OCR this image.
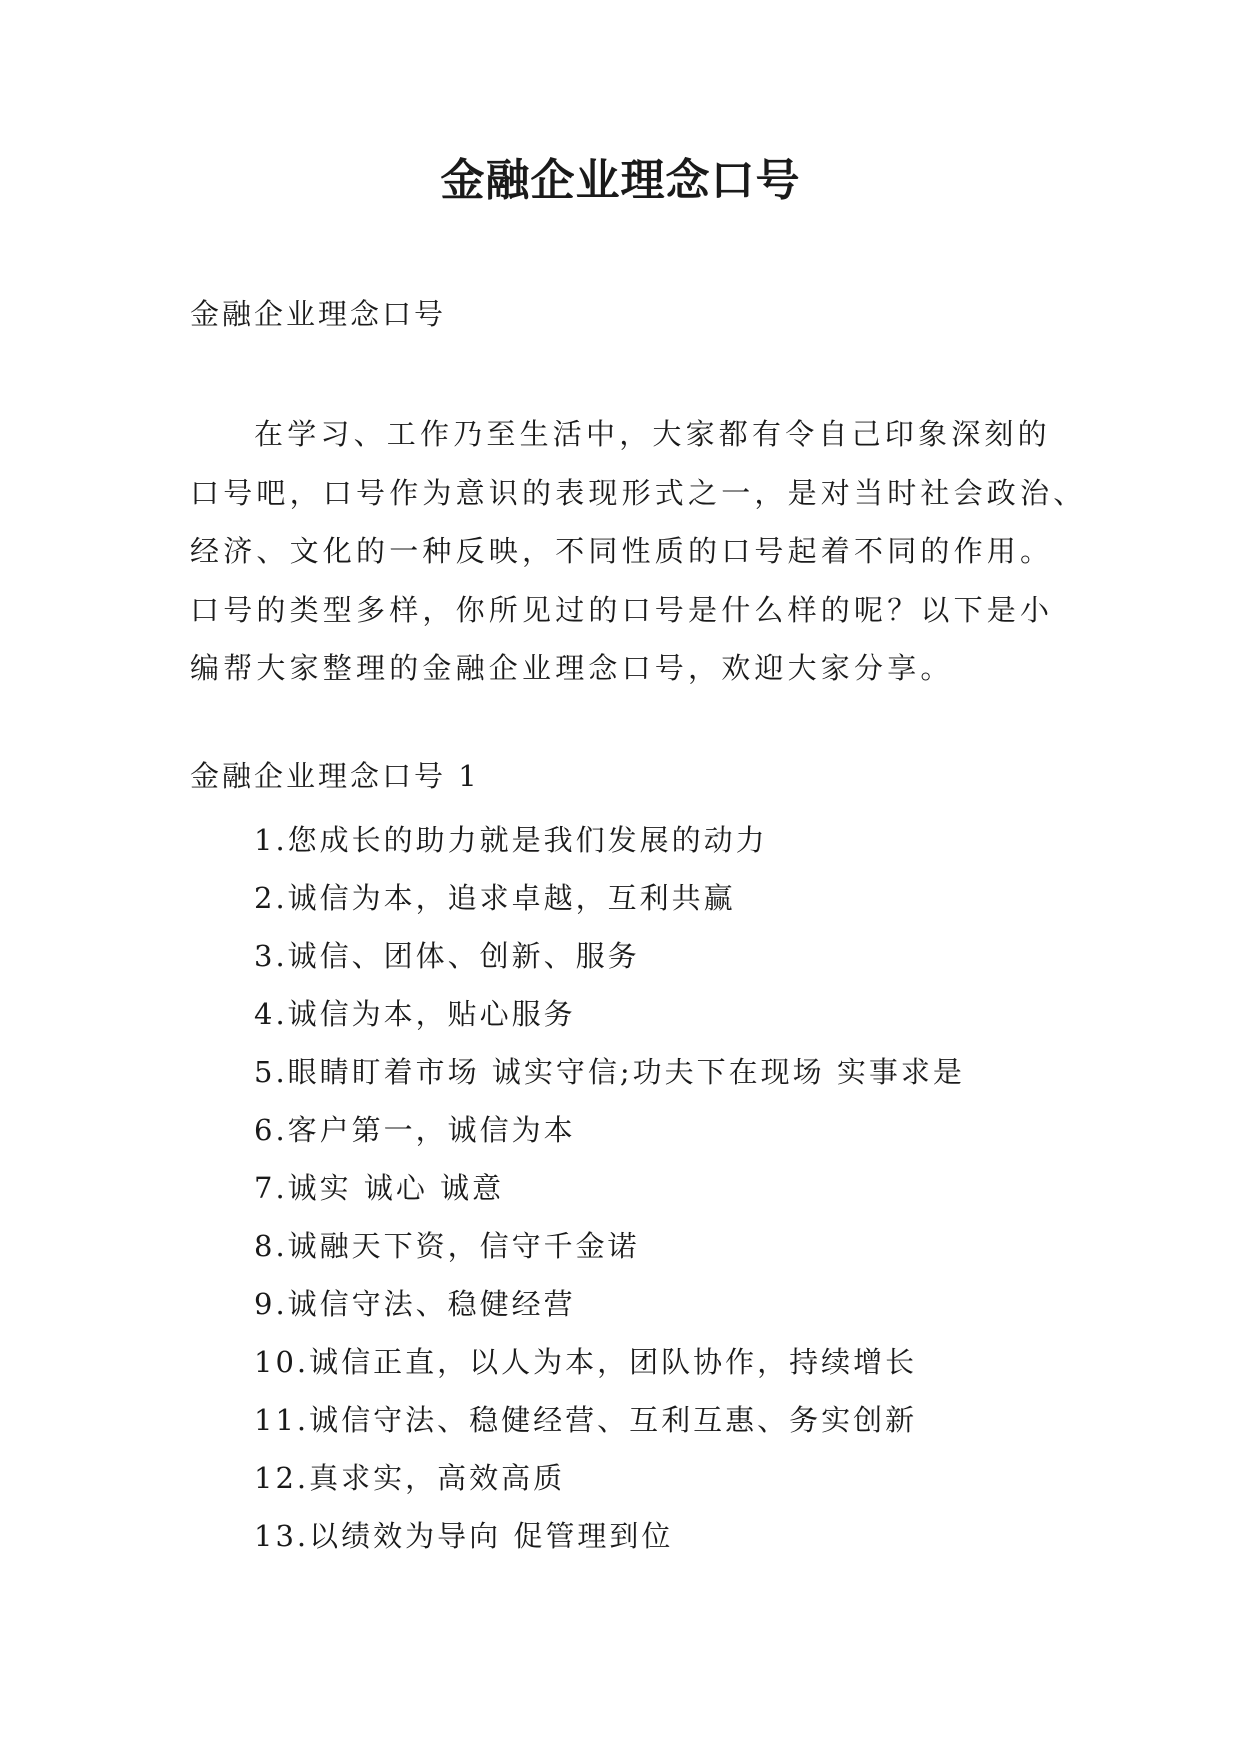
金融企业理念口号
金融企业理念口号
在学习、工作乃至生活中，大家都有令自己印象深刻的
口号吧，口号作为意识的表现形式之一，是对当时社会政治、
经济、文化的一种反映，不同性质的口号起着不同的作用。
口号的类型多样，你所见过的口号是什么样的呢？以下是小
编帮大家整理的金融企业理念口号，欢迎大家分享。
金融企业理念口号 1
1.您成长的助力就是我们发展的动力
2.诚信为本，追求卓越，互利共赢
3.诚信、团体、创新、服务
4.诚信为本，贴心服务
5.眼睛盯着市场 诚实守信;功夫下在现场 实事求是
6.客户第一，诚信为本
7.诚实 诚心 诚意
8.诚融天下资，信守千金诺
9.诚信守法、稳健经营
10.诚信正直，以人为本，团队协作，持续增长
11.诚信守法、稳健经营、互利互惠、务实创新
12.真求实，高效高质
13.以绩效为导向 促管理到位
